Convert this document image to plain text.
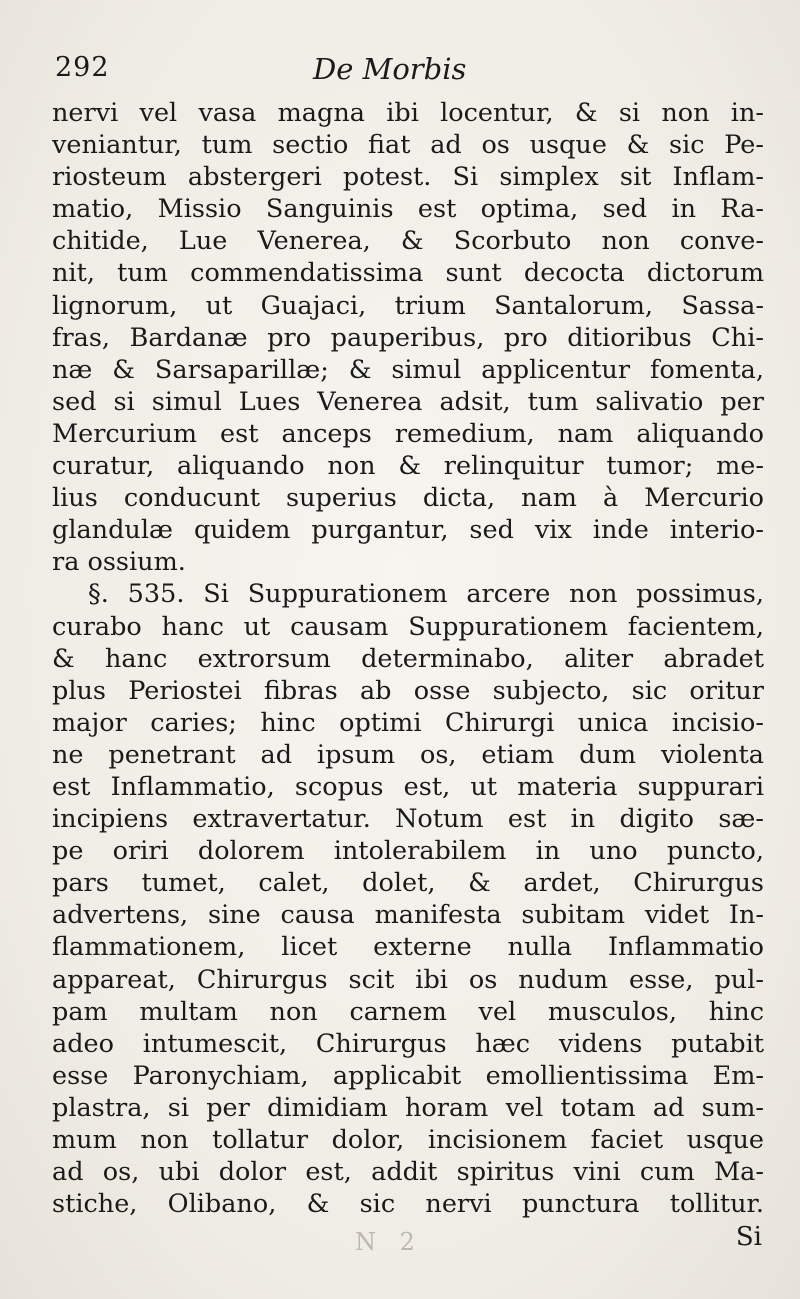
292	De Morbis
nervi vel vasa magna ibi locentur, & si non in-
veniantur, tum sectio fiat ad os usque & sic Pe-
riosteum abstergeri potest. Si simplex sit Inflam-
matio, Missio Sanguinis est optima, sed in Ra-
chitide, Lue Venerea, & Scorbuto non conve-
nit, tum commendatissima sunt decocta dictorum
lignorum, ut Guajaci, trium Santalorum, Sassa-
fras, Bardanæ pro pauperibus, pro ditioribus Chi-
næ & Sarsaparillæ; & simul applicentur fomenta,
sed si simul Lues Venerea adsit, tum salivatio per
Mercurium est anceps remedium, nam aliquando
curatur, aliquando non & relinquitur tumor; me-
lius conducunt superius dicta, nam à Mercurio
glandulæ quidem purgantur, sed vix inde interio-
ra ossium.
§. 535. Si Suppurationem arcere non possimus,
curabo hanc ut causam Suppurationem facientem,
& hanc extrorsum determinabo, aliter abradet
plus Periostei fibras ab osse subjecto, sic oritur
major caries; hinc optimi Chirurgi unica incisio-
ne penetrant ad ipsum os, etiam dum violenta
est Inflammatio, scopus est, ut materia suppurari
incipiens extravertatur. Notum est in digito sæ-
pe oriri dolorem intolerabilem in uno puncto,
pars tumet, calet, dolet, & ardet, Chirurgus
advertens, sine causa manifesta subitam videt In-
flammationem, licet externe nulla Inflammatio
appareat, Chirurgus scit ibi os nudum esse, pul-
pam multam non carnem vel musculos, hinc
adeo intumescit, Chirurgus hæc videns putabit
esse Paronychiam, applicabit emollientissima Em-
plastra, si per dimidiam horam vel totam ad sum-
mum non tollatur dolor, incisionem faciet usque
ad os, ubi dolor est, addit spiritus vini cum Ma-
stiche, Olibano, & sic nervi punctura tollitur.
N 2	Si
